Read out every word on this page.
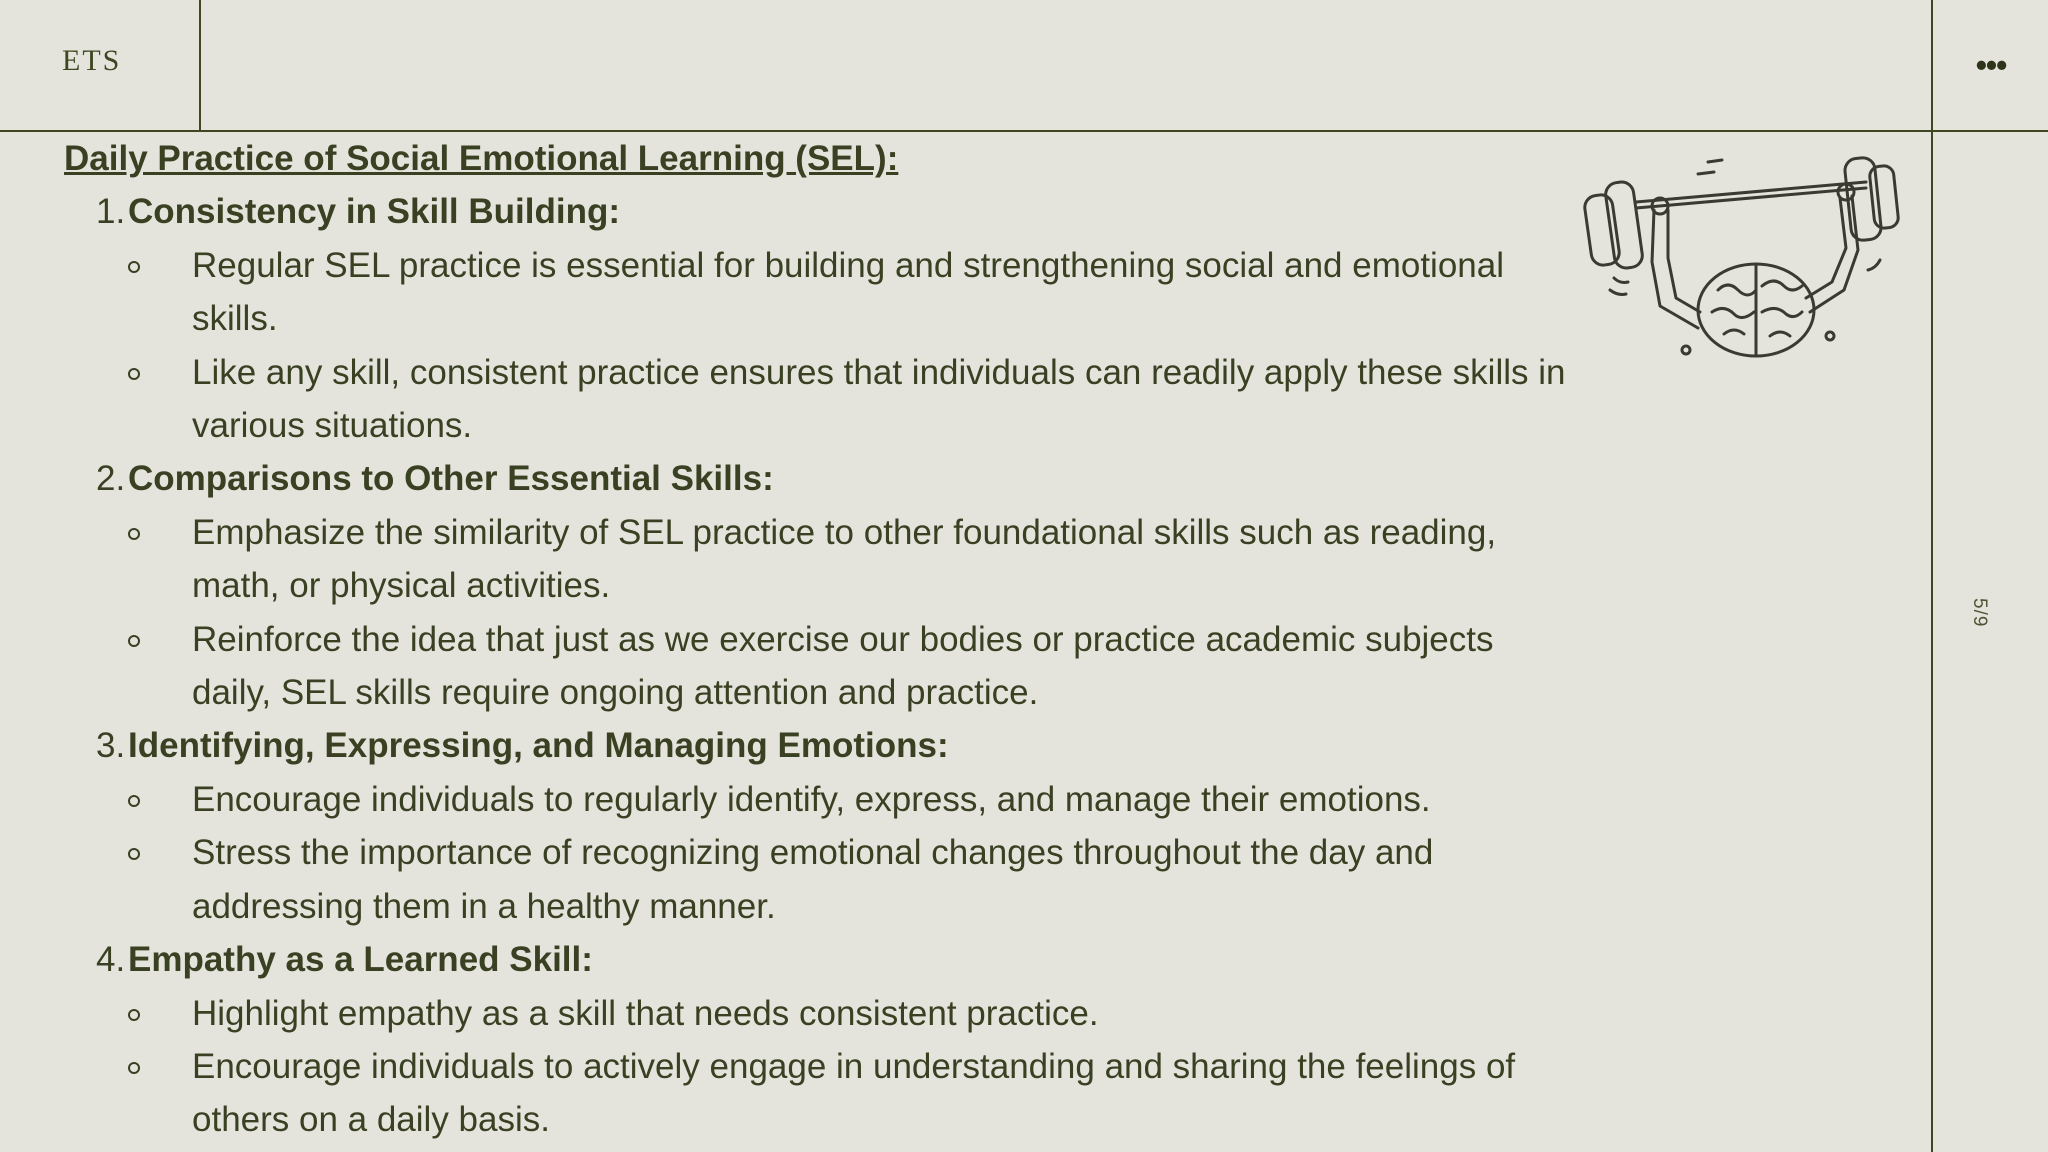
ETS	•••
5/9
Daily Practice of Social Emotional Learning (SEL):
1. Consistency in Skill Building:
Regular SEL practice is essential for building and strengthening social and emotional skills.
Like any skill, consistent practice ensures that individuals can readily apply these skills in various situations.
2. Comparisons to Other Essential Skills:
Emphasize the similarity of SEL practice to other foundational skills such as reading, math, or physical activities.
Reinforce the idea that just as we exercise our bodies or practice academic subjects daily, SEL skills require ongoing attention and practice.
3. Identifying, Expressing, and Managing Emotions:
Encourage individuals to regularly identify, express, and manage their emotions.
Stress the importance of recognizing emotional changes throughout the day and addressing them in a healthy manner.
4. Empathy as a Learned Skill:
Highlight empathy as a skill that needs consistent practice.
Encourage individuals to actively engage in understanding and sharing the feelings of others on a daily basis.
